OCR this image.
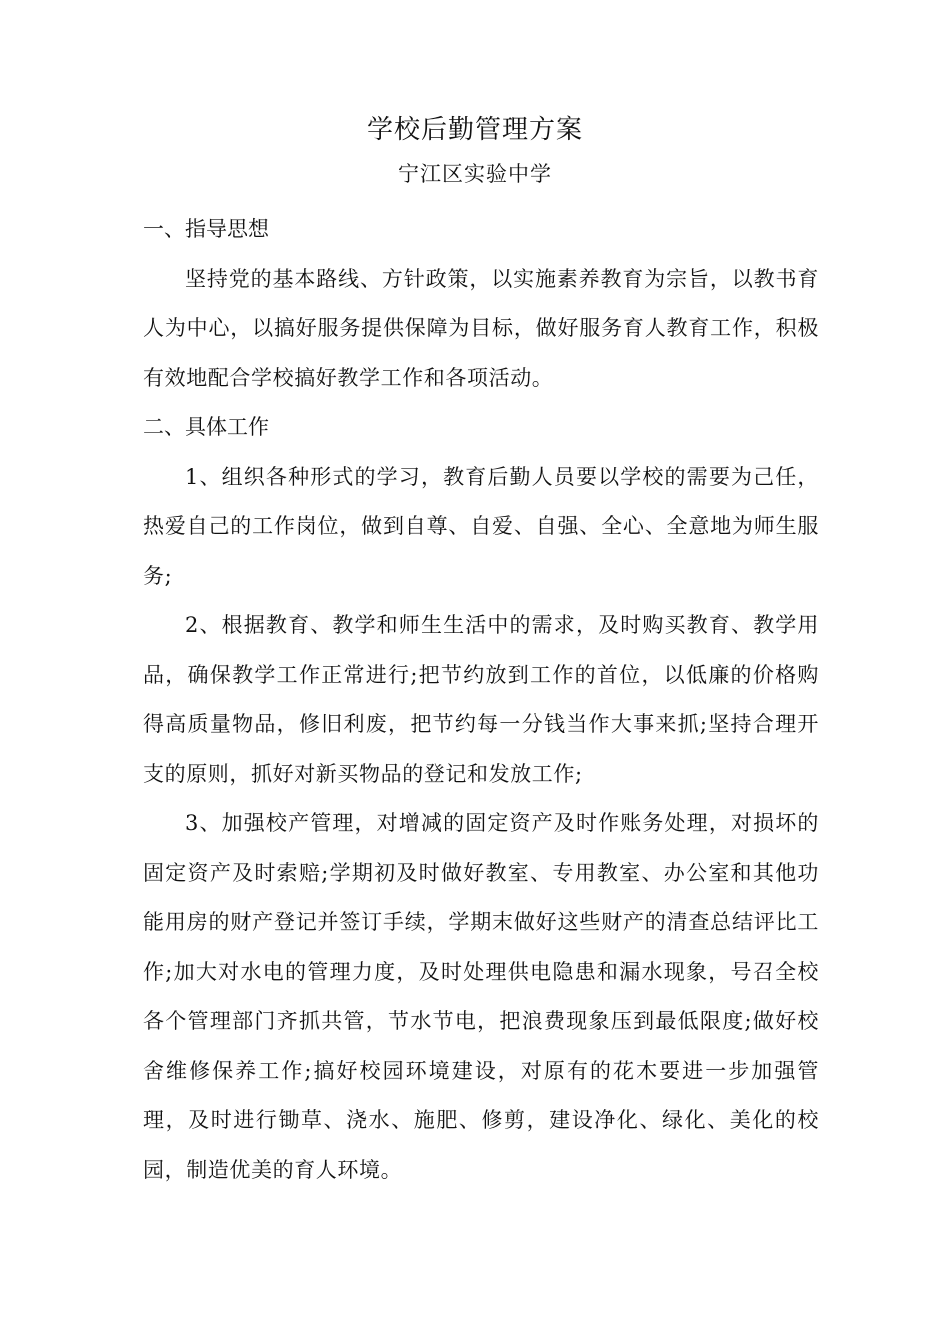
学校后勤管理方案
宁江区实验中学

一、指导思想

坚持党的基本路线、方针政策，以实施素养教育为宗旨，以教书育人为中心，以搞好服务提供保障为目标，做好服务育人教育工作，积极有效地配合学校搞好教学工作和各项活动。

二、具体工作

1、组织各种形式的学习，教育后勤人员要以学校的需要为己任，热爱自己的工作岗位，做到自尊、自爱、自强、全心、全意地为师生服务;

2、根据教育、教学和师生生活中的需求，及时购买教育、教学用品，确保教学工作正常进行;把节约放到工作的首位，以低廉的价格购得高质量物品，修旧利废，把节约每一分钱当作大事来抓;坚持合理开支的原则，抓好对新买物品的登记和发放工作;

3、加强校产管理，对增减的固定资产及时作账务处理，对损坏的固定资产及时索赔;学期初及时做好教室、专用教室、办公室和其他功能用房的财产登记并签订手续，学期末做好这些财产的清查总结评比工作;加大对水电的管理力度，及时处理供电隐患和漏水现象，号召全校各个管理部门齐抓共管，节水节电，把浪费现象压到最低限度;做好校舍维修保养工作;搞好校园环境建设，对原有的花木要进一步加强管理，及时进行锄草、浇水、施肥、修剪，建设净化、绿化、美化的校园，制造优美的育人环境。
